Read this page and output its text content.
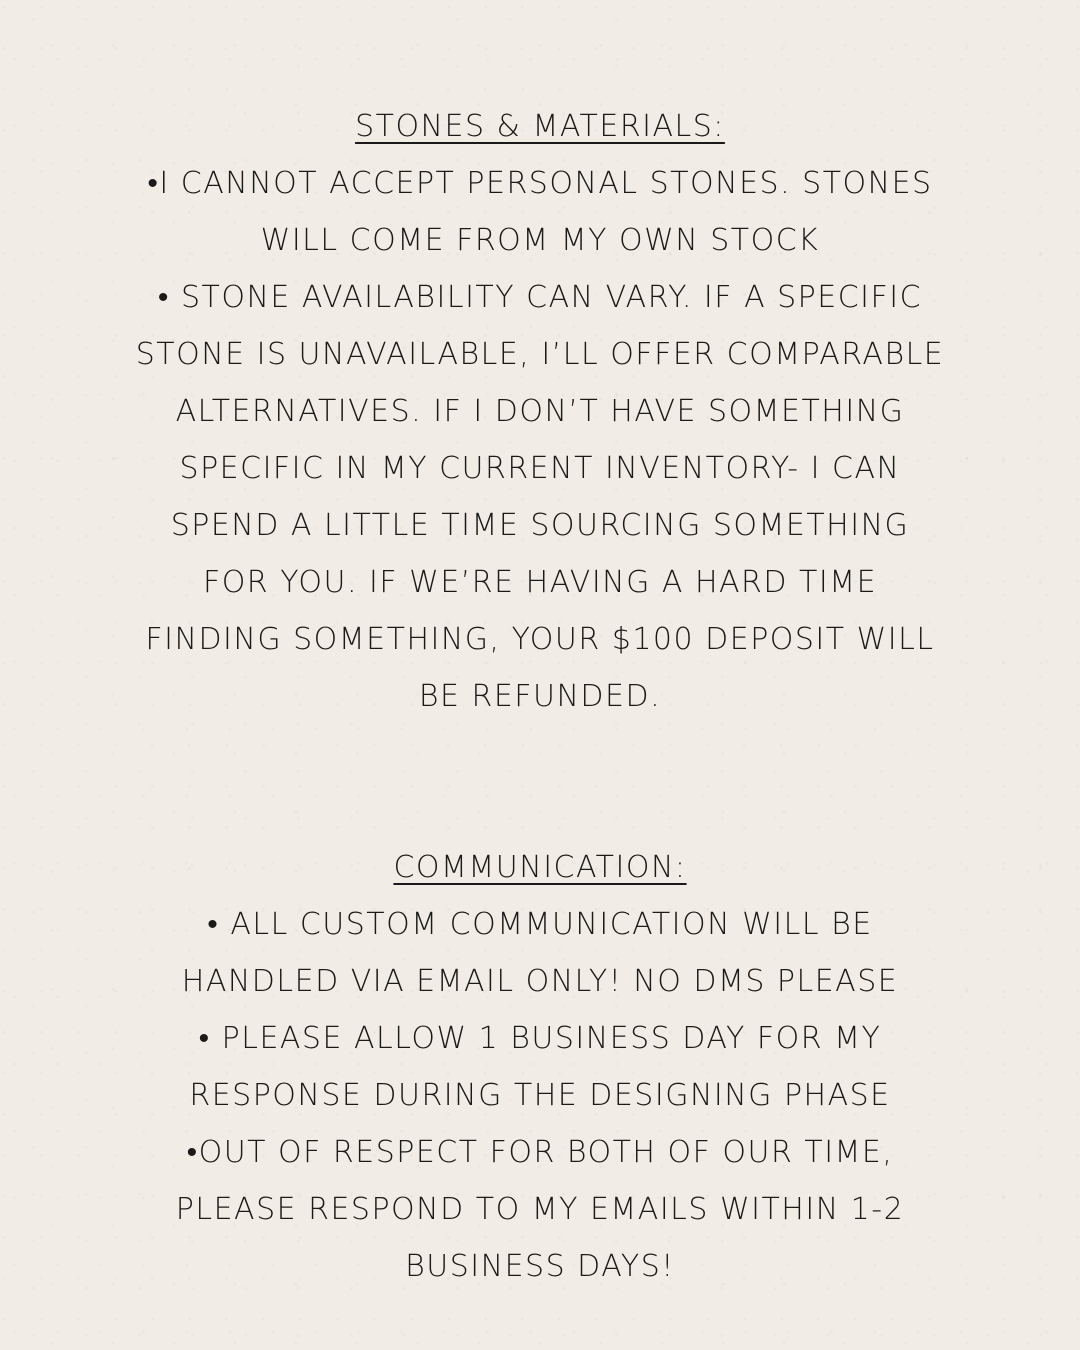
STONES & MATERIALS:

•I CANNOT ACCEPT PERSONAL STONES. STONES

WILL COME FROM MY OWN STOCK

• STONE AVAILABILITY CAN VARY. IF A SPECIFIC

STONE IS UNAVAILABLE, I’LL OFFER COMPARABLE

ALTERNATIVES. IF I DON’T HAVE SOMETHING

SPECIFIC IN MY CURRENT INVENTORY- I CAN

SPEND A LITTLE TIME SOURCING SOMETHING

FOR YOU. IF WE’RE HAVING A HARD TIME

FINDING SOMETHING, YOUR $100 DEPOSIT WILL

BE REFUNDED.

COMMUNICATION:

• ALL CUSTOM COMMUNICATION WILL BE

HANDLED VIA EMAIL ONLY! NO DMS PLEASE

• PLEASE ALLOW 1 BUSINESS DAY FOR MY

RESPONSE DURING THE DESIGNING PHASE

•OUT OF RESPECT FOR BOTH OF OUR TIME,

PLEASE RESPOND TO MY EMAILS WITHIN 1-2

BUSINESS DAYS!
